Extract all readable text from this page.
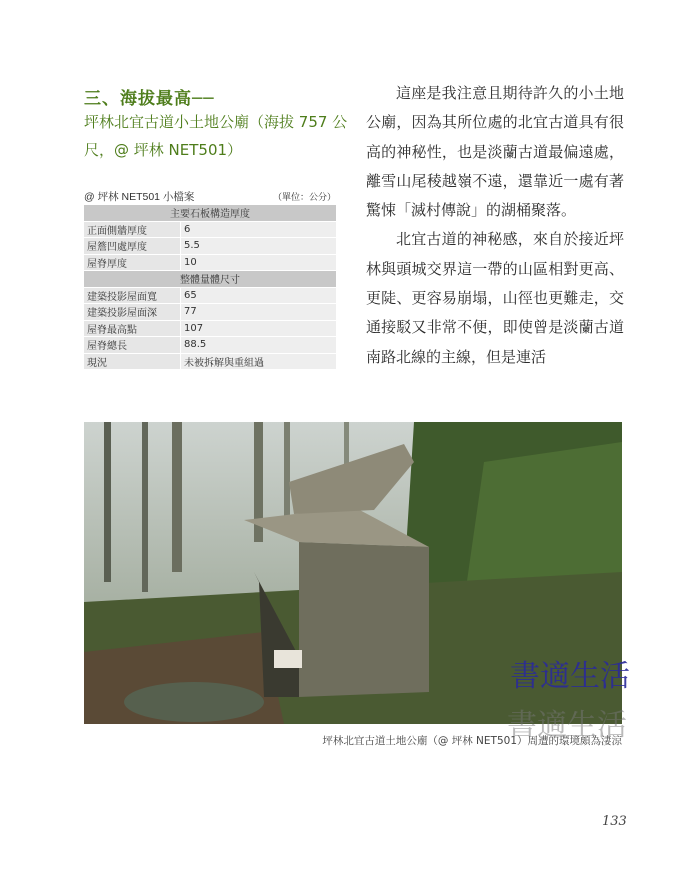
三、海拔最高──
坪林北宜古道小土地公廟（海拔 757 公尺，@ 坪林 NET501）

這座是我注意且期待許久的小土地公廟，因為其所位處的北宜古道具有很高的神秘性，也是淡蘭古道最偏遠處，離雪山尾稜越嶺不遠，還靠近一處有著驚悚「滅村傳說」的湖桶聚落。

北宜古道的神秘感，來自於接近坪林與頭城交界這一帶的山區相對更高、更陡、更容易崩塌，山徑也更難走，交通接駁又非常不便，即使曾是淡蘭古道南路北線的主線，但是連活

@ 坪林 NET501 小檔案	（單位：公分）
主要石板構造厚度	
正面側牆厚度	6
屋簷凹處厚度	5.5
屋脊厚度	10
整體量體尺寸	
建築投影屋面寬	65
建築投影屋面深	77
屋脊最高點	107
屋脊總長	88.5
現況	未被拆解與重組過
坪林北宜古道土地公廟（@ 坪林 NET501）周遭的環境頗為淒涼
書適生活
書適生活
133
